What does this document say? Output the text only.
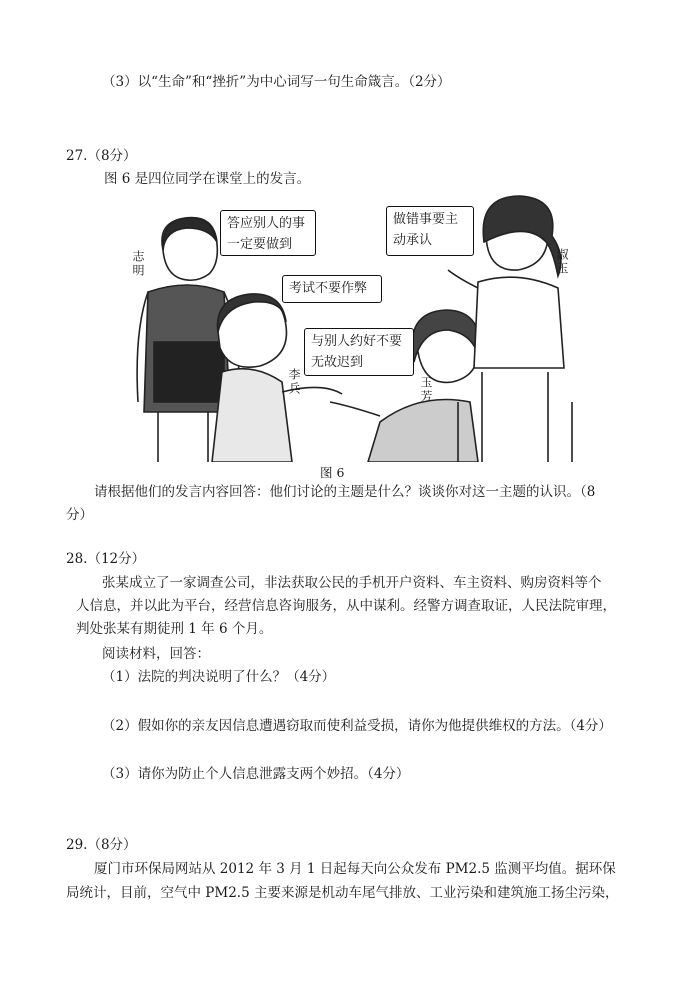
（3）以“生命”和“挫折”为中心词写一句生命箴言。（2分）
27.（8分）
图 6 是四位同学在课堂上的发言。
答应别人的事
一定要做到
考试不要作弊
与别人约好不要
无故迟到
做错事要主
动承认
志明
李兵	玉芳
淑玉
图 6
请根据他们的发言内容回答：他们讨论的主题是什么？谈谈你对这一主题的认识。（8
分）
28.（12分）
张某成立了一家调查公司，非法获取公民的手机开户资料、车主资料、购房资料等个
人信息，并以此为平台，经营信息咨询服务，从中谋利。经警方调查取证，人民法院审理，
判处张某有期徒刑 1 年 6 个月。
阅读材料，回答：
（1）法院的判决说明了什么？（4分）
（2）假如你的亲友因信息遭遇窃取而使利益受损，请你为他提供维权的方法。（4分）
（3）请你为防止个人信息泄露支两个妙招。（4分）
29.（8分）
厦门市环保局网站从 2012 年 3 月 1 日起每天向公众发布 PM2.5 监测平均值。据环保
局统计，目前，空气中 PM2.5 主要来源是机动车尾气排放、工业污染和建筑施工扬尘污染，
